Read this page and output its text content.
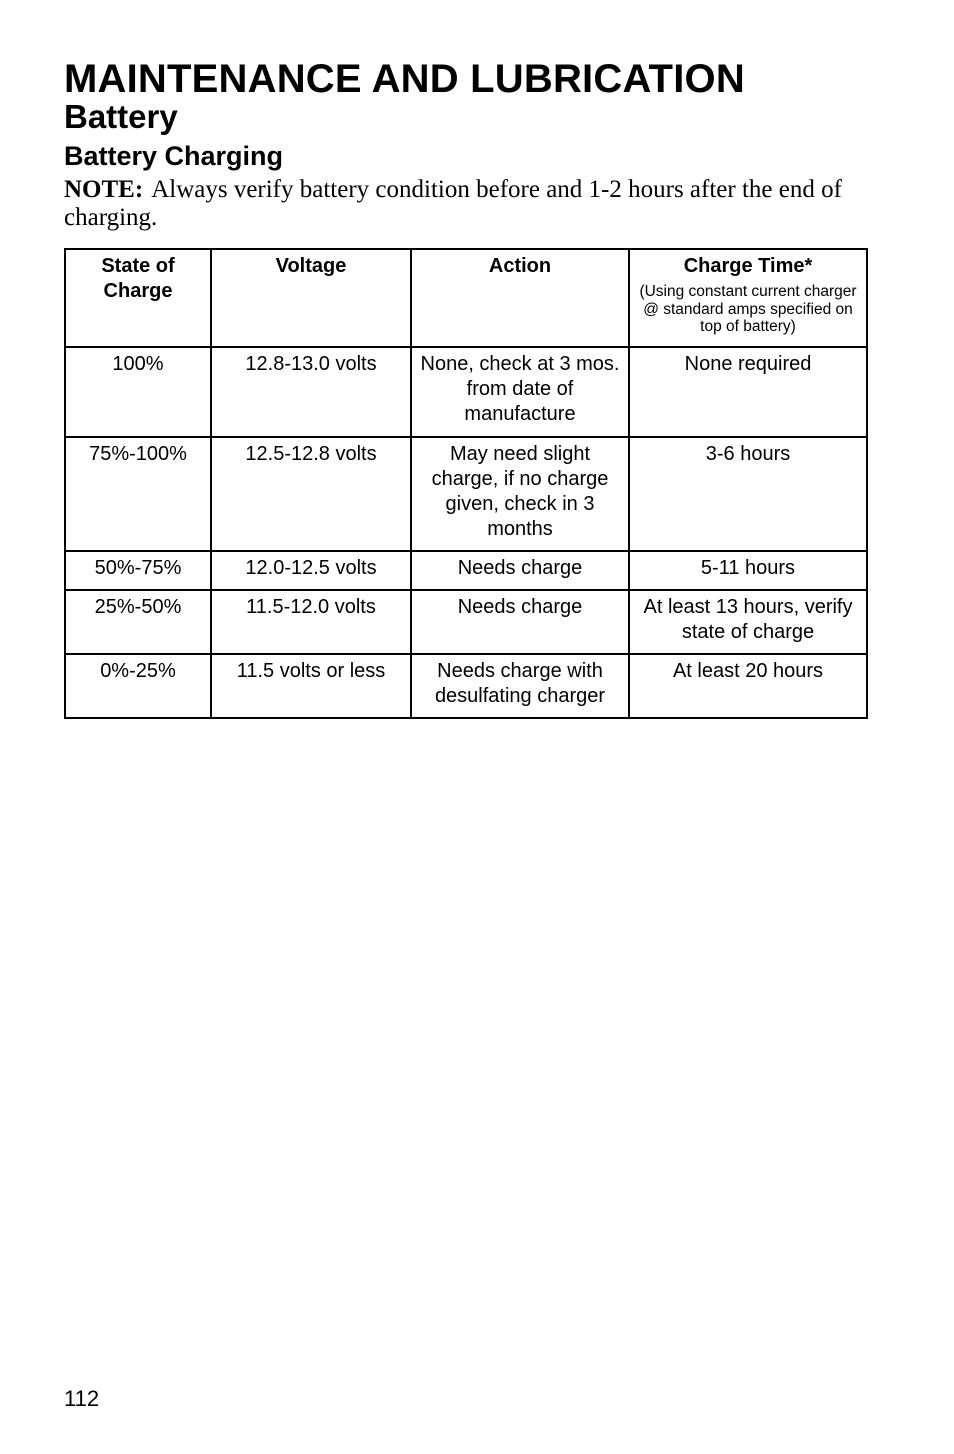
MAINTENANCE AND LUBRICATION
Battery
Battery Charging

NOTE: Always verify battery condition before and 1-2 hours after the end of charging.

State of Charge	Voltage	Action	Charge Time*
(Using constant current charger @ standard amps specified on top of battery)

100%	12.8-13.0 volts	None, check at 3 mos. from date of manufacture	None required
75%-100%	12.5-12.8 volts	May need slight charge, if no charge given, check in 3 months	3-6 hours
50%-75%	12.0-12.5 volts	Needs charge	5-11 hours
25%-50%	11.5-12.0 volts	Needs charge	At least 13 hours, verify state of charge
0%-25%	11.5 volts or less	Needs charge with desulfating charger	At least 20 hours
112
